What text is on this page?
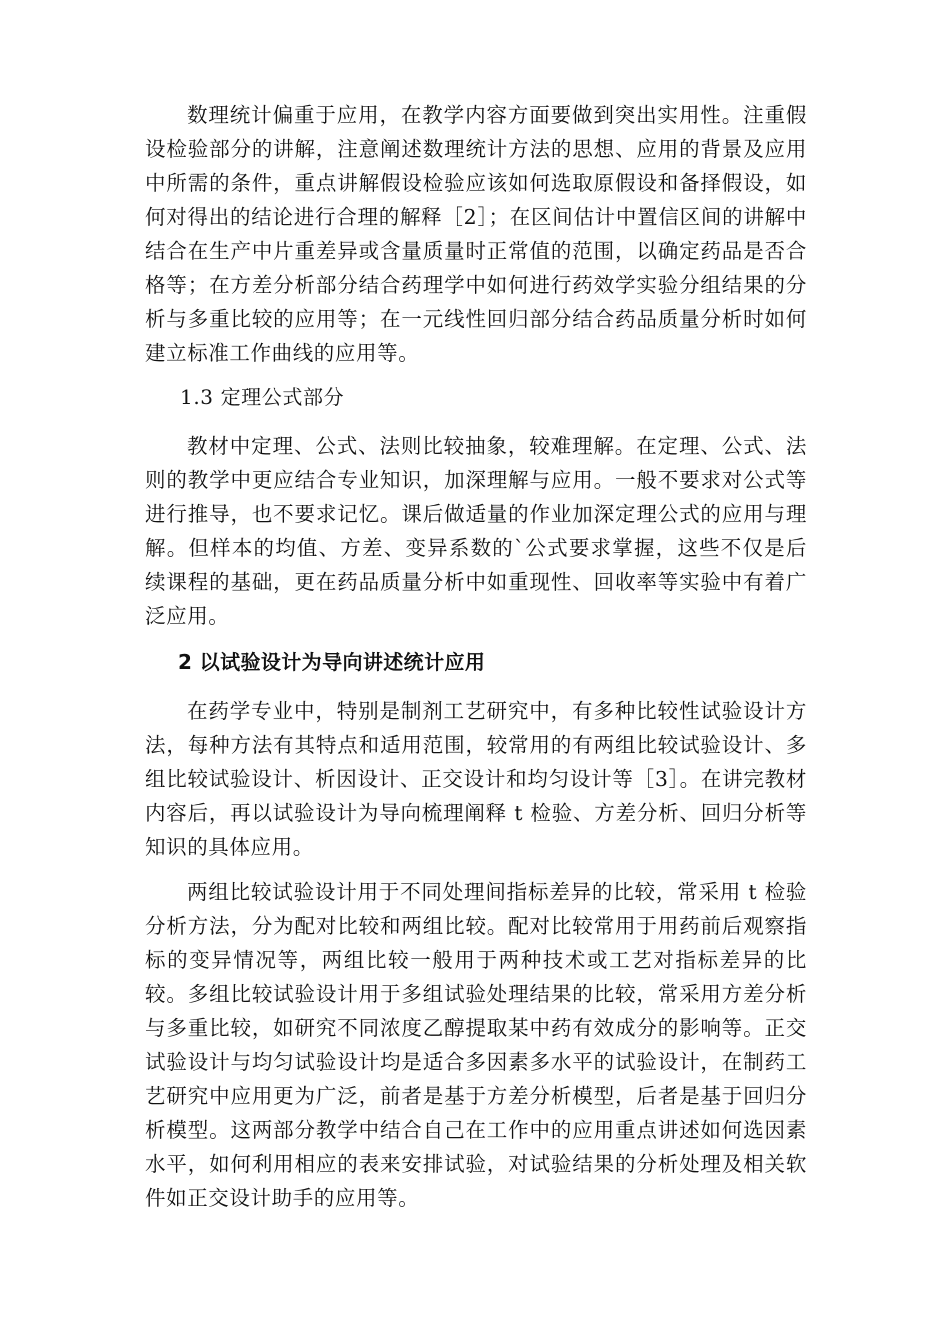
数理统计偏重于应用，在教学内容方面要做到突出实用性。注重假设检验部分的讲解，注意阐述数理统计方法的思想、应用的背景及应用中所需的条件，重点讲解假设检验应该如何选取原假设和备择假设，如何对得出的结论进行合理的解释［2］；在区间估计中置信区间的讲解中结合在生产中片重差异或含量质量时正常值的范围，以确定药品是否合格等；在方差分析部分结合药理学中如何进行药效学实验分组结果的分析与多重比较的应用等；在一元线性回归部分结合药品质量分析时如何建立标准工作曲线的应用等。

1.3 定理公式部分

教材中定理、公式、法则比较抽象，较难理解。在定理、公式、法则的教学中更应结合专业知识，加深理解与应用。一般不要求对公式等进行推导，也不要求记忆。课后做适量的作业加深定理公式的应用与理解。但样本的均值、方差、变异系数的`公式要求掌握，这些不仅是后续课程的基础，更在药品质量分析中如重现性、回收率等实验中有着广泛应用。

2 以试验设计为导向讲述统计应用

在药学专业中，特别是制剂工艺研究中，有多种比较性试验设计方法，每种方法有其特点和适用范围，较常用的有两组比较试验设计、多组比较试验设计、析因设计、正交设计和均匀设计等［3］。在讲完教材内容后，再以试验设计为导向梳理阐释 t 检验、方差分析、回归分析等知识的具体应用。

两组比较试验设计用于不同处理间指标差异的比较，常采用 t 检验分析方法，分为配对比较和两组比较。配对比较常用于用药前后观察指标的变异情况等，两组比较一般用于两种技术或工艺对指标差异的比较。多组比较试验设计用于多组试验处理结果的比较，常采用方差分析与多重比较，如研究不同浓度乙醇提取某中药有效成分的影响等。正交试验设计与均匀试验设计均是适合多因素多水平的试验设计，在制药工艺研究中应用更为广泛，前者是基于方差分析模型，后者是基于回归分析模型。这两部分教学中结合自己在工作中的应用重点讲述如何选因素水平，如何利用相应的表来安排试验，对试验结果的分析处理及相关软件如正交设计助手的应用等。
